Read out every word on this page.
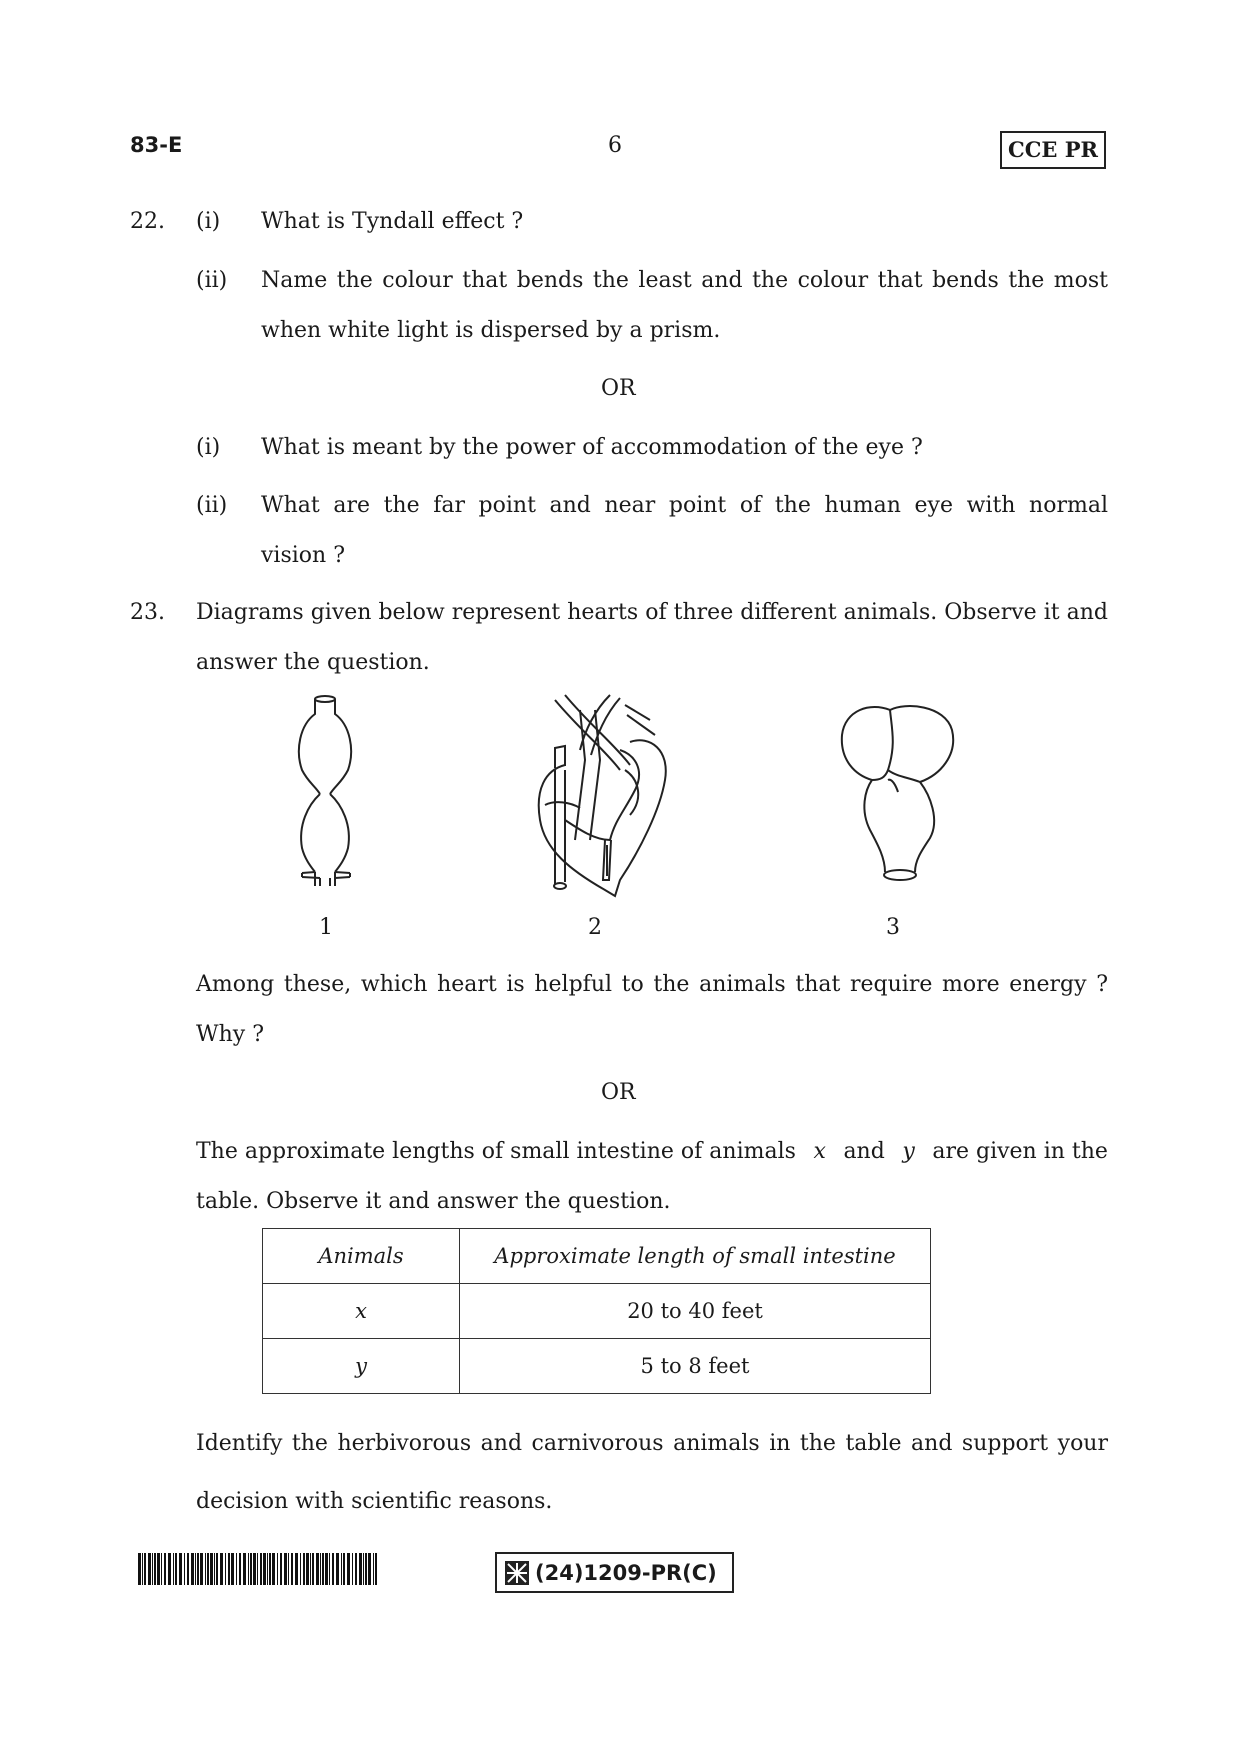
83-E	6	CCE PR
22. (i) What is Tyndall effect ?
(ii) Name the colour that bends the least and the colour that bends the most
when white light is dispersed by a prism.
OR
(i) What is meant by the power of accommodation of the eye ?
(ii) What are the far point and near point of the human eye with normal
vision ?
23. Diagrams given below represent hearts of three different animals. Observe it and
answer the question.
1	2	3
Among these, which heart is helpful to the animals that require more energy ?
Why ?
OR
The approximate lengths of small intestine of animals x and y are given in the
table. Observe it and answer the question.
Animals	Approximate length of small intestine
x	20 to 40 feet
y	5 to 8 feet
Identify the herbivorous and carnivorous animals in the table and support your
decision with scientific reasons.
(24)1209-PR(C)
